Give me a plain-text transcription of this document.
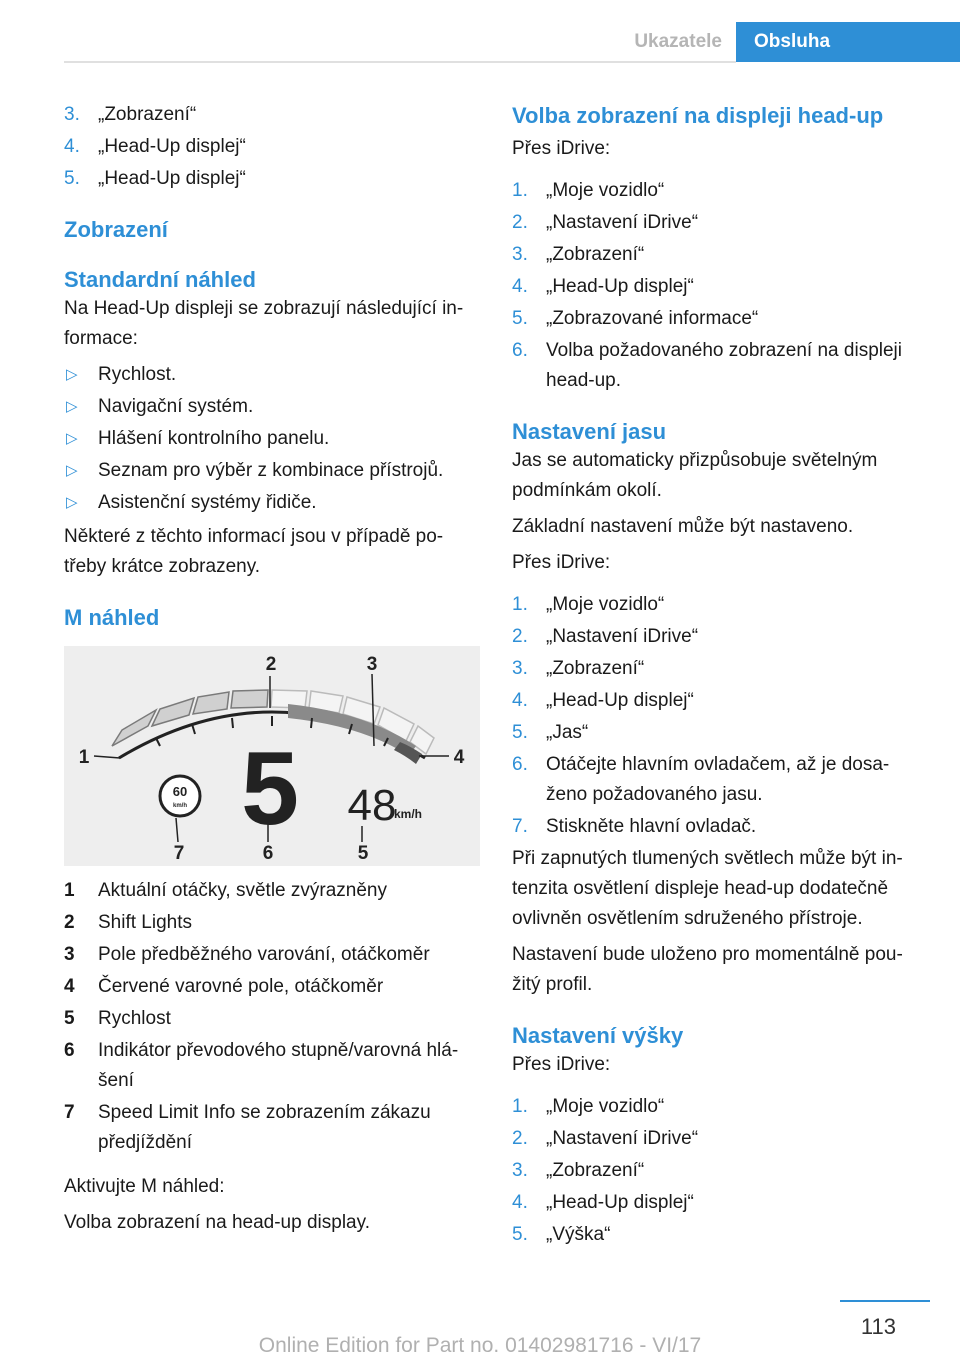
Ukazatele	Obsluha
3. „Zobrazení“
4. „Head-Up displej“
5. „Head-Up displej“
Zobrazení
Standardní náhled
Na Head-Up displeji se zobrazují následující in-formace:
▷ Rychlost.
▷ Navigační systém.
▷ Hlášení kontrolního panelu.
▷ Seznam pro výběr z kombinace přístrojů.
▷ Asistenční systémy řidiče.
Některé z těchto informací jsou v případě po-třeby krátce zobrazeny.
M náhled
60
km/h 5 48
km/h
1
2	3
4
5
6
7
1 Aktuální otáčky, světle zvýrazněny
2 Shift Lights
3 Pole předběžného varování, otáčkoměr
4 Červené varovné pole, otáčkoměr
5 Rychlost
6 Indikátor převodového stupně/varovná hlá-šení
7 Speed Limit Info se zobrazením zákazu předjíždění
Aktivujte M náhled:
Volba zobrazení na head-up display.
Volba zobrazení na displeji head-up
Přes iDrive:
1. „Moje vozidlo“
2. „Nastavení iDrive“
3. „Zobrazení“
4. „Head-Up displej“
5. „Zobrazované informace“
6. Volba požadovaného zobrazení na displeji head-up.
Nastavení jasu
Jas se automaticky přizpůsobuje světelným podmínkám okolí.
Základní nastavení může být nastaveno.
Přes iDrive:
1. „Moje vozidlo“
2. „Nastavení iDrive“
3. „Zobrazení“
4. „Head-Up displej“
5. „Jas“
6. Otáčejte hlavním ovladačem, až je dosa-ženo požadovaného jasu.
7. Stiskněte hlavní ovladač.
Při zapnutých tlumených světlech může být in-tenzita osvětlení displeje head-up dodatečně ovlivněn osvětlením sdruženého přístroje.
Nastavení bude uloženo pro momentálně pou-žitý profil.
Nastavení výšky
Přes iDrive:
1. „Moje vozidlo“
2. „Nastavení iDrive“
3. „Zobrazení“
4. „Head-Up displej“
5. „Výška“
113
Online Edition for Part no. 01402981716 - VI/17
